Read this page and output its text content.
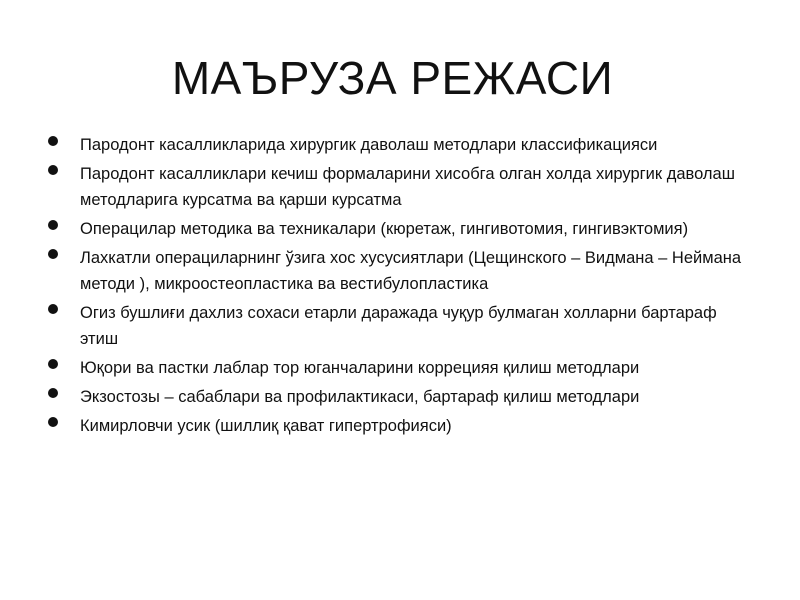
МАЪРУЗА РЕЖАСИ
Пародонт касалликларида хирургик даволаш методлари классификацияси
Пародонт касалликлари кечиш формаларини хисобга олган холда хирургик даволаш методларига курсатма ва қарши курсатма
Операцилар методика ва техникалари (кюретаж, гингивотомия, гингивэктомия)
Лахкатли операциларнинг ўзига хос хусусиятлари (Цещинского – Видмана – Неймана методи ), микроостеопластика ва вестибулопластика
Огиз бушлиғи дахлиз сохаси етарли даражада чуқур булмаган холларни бартараф этиш
Юқори ва пастки лаблар тор юганчаларини коррецияя қилиш методлари
Экзостозы – сабаблари ва профилактикаси, бартараф қилиш методлари
Кимирловчи усик (шиллиқ қават гипертрофияси)
